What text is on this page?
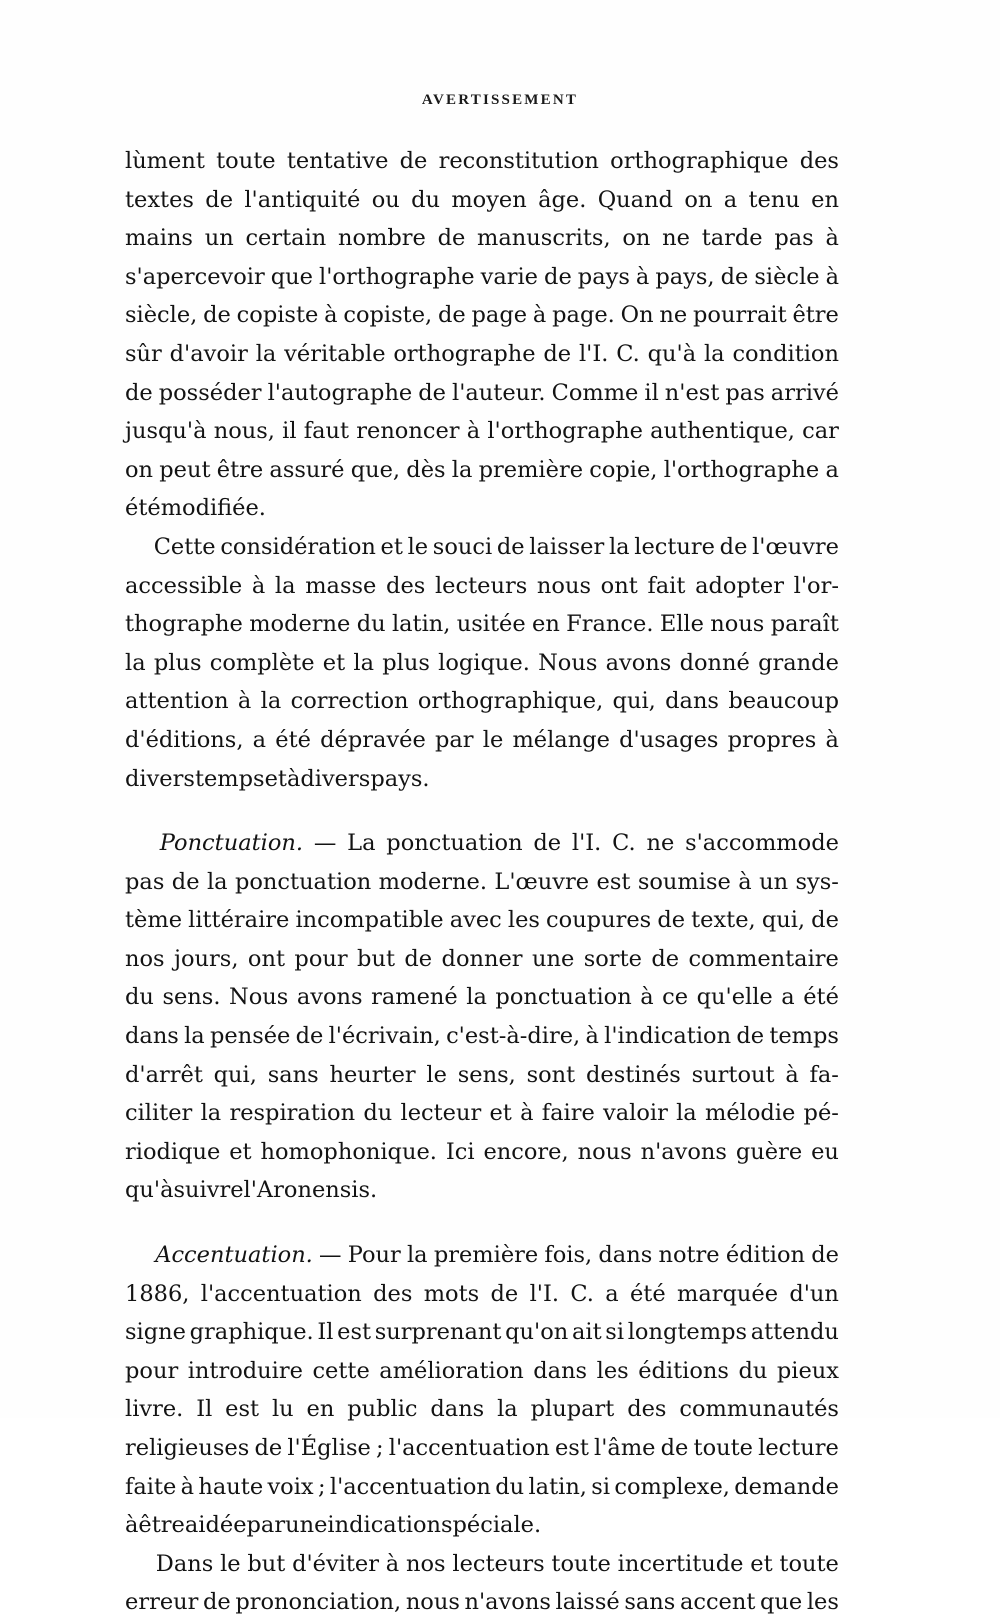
AVERTISSEMENT
lùment toute tentative de reconstitution orthographique des
textes de l'antiquité ou du moyen âge. Quand on a tenu en
mains un certain nombre de manuscrits, on ne tarde pas à
s'apercevoir que l'orthographe varie de pays à pays, de siècle à
siècle, de copiste à copiste, de page à page. On ne pourrait être
sûr d'avoir la véritable orthographe de l'I. C. qu'à la condition
de posséder l'autographe de l'auteur. Comme il n'est pas arrivé
jusqu'à nous, il faut renoncer à l'orthographe authentique, car
on peut être assuré que, dès la première copie, l'orthographe a
été modifiée.
Cette considération et le souci de laisser la lecture de l'œuvre
accessible à la masse des lecteurs nous ont fait adopter l'or-
thographe moderne du latin, usitée en France. Elle nous paraît
la plus complète et la plus logique. Nous avons donné grande
attention à la correction orthographique, qui, dans beaucoup
d'éditions, a été dépravée par le mélange d'usages propres à
divers temps et à divers pays.
Ponctuation. — La ponctuation de l'I. C. ne s'accommode
pas de la ponctuation moderne. L'œuvre est soumise à un sys-
tème littéraire incompatible avec les coupures de texte, qui, de
nos jours, ont pour but de donner une sorte de commentaire
du sens. Nous avons ramené la ponctuation à ce qu'elle a été
dans la pensée de l'écrivain, c'est-à-dire, à l'indication de temps
d'arrêt qui, sans heurter le sens, sont destinés surtout à fa-
ciliter la respiration du lecteur et à faire valoir la mélodie pé-
riodique et homophonique. Ici encore, nous n'avons guère eu
qu'à suivre l'Aronensis.
Accentuation. — Pour la première fois, dans notre édition de
1886, l'accentuation des mots de l'I. C. a été marquée d'un
signe graphique. Il est surprenant qu'on ait si longtemps attendu
pour introduire cette amélioration dans les éditions du pieux
livre. Il est lu en public dans la plupart des communautés
religieuses de l'Église ; l'accentuation est l'âme de toute lecture
faite à haute voix ; l'accentuation du latin, si complexe, demande
à être aidée par une indication spéciale.
Dans le but d'éviter à nos lecteurs toute incertitude et toute
erreur de prononciation, nous n'avons laissé sans accent que les
